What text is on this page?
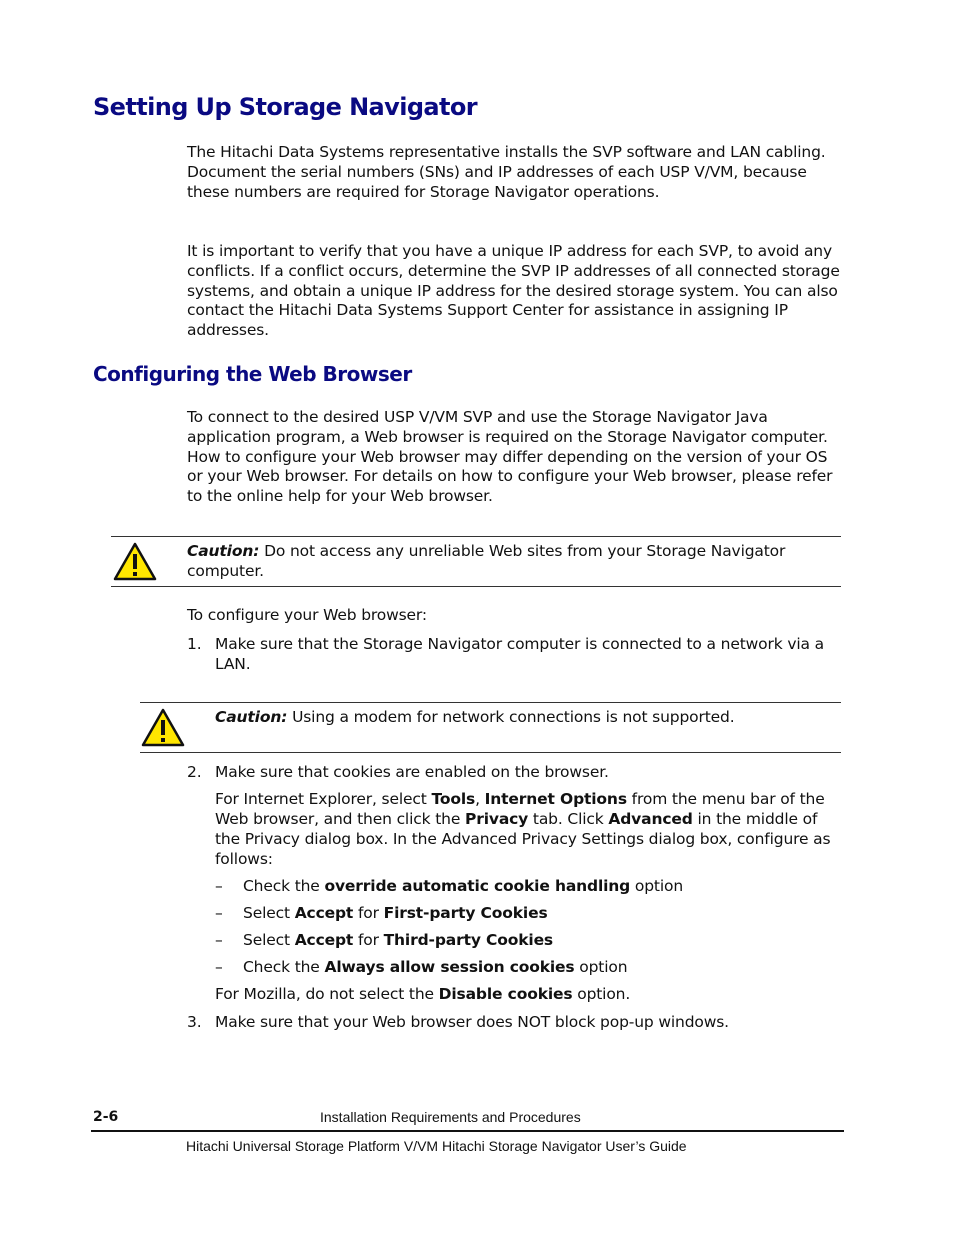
Setting Up Storage Navigator

The Hitachi Data Systems representative installs the SVP software and LAN cabling. Document the serial numbers (SNs) and IP addresses of each USP V/VM, because these numbers are required for Storage Navigator operations.

It is important to verify that you have a unique IP address for each SVP, to avoid any conflicts. If a conflict occurs, determine the SVP IP addresses of all connected storage systems, and obtain a unique IP address for the desired storage system. You can also contact the Hitachi Data Systems Support Center for assistance in assigning IP addresses.

Configuring the Web Browser

To connect to the desired USP V/VM SVP and use the Storage Navigator Java application program, a Web browser is required on the Storage Navigator computer. How to configure your Web browser may differ depending on the version of your OS or your Web browser. For details on how to configure your Web browser, please refer to the online help for your Web browser.

Caution: Do not access any unreliable Web sites from your Storage Navigator computer.

To configure your Web browser:

1. Make sure that the Storage Navigator computer is connected to a network via a LAN.
Caution: Using a modem for network connections is not supported.
2. Make sure that cookies are enabled on the browser.
For Internet Explorer, select Tools, Internet Options from the menu bar of the Web browser, and then click the Privacy tab. Click Advanced in the middle of the Privacy dialog box. In the Advanced Privacy Settings dialog box, configure as follows:
– Check the override automatic cookie handling option
– Select Accept for First-party Cookies
– Select Accept for Third-party Cookies
– Check the Always allow session cookies option
For Mozilla, do not select the Disable cookies option.
3. Make sure that your Web browser does NOT block pop-up windows.
2-6	Installation Requirements and Procedures
Hitachi Universal Storage Platform V/VM Hitachi Storage Navigator User’s Guide
